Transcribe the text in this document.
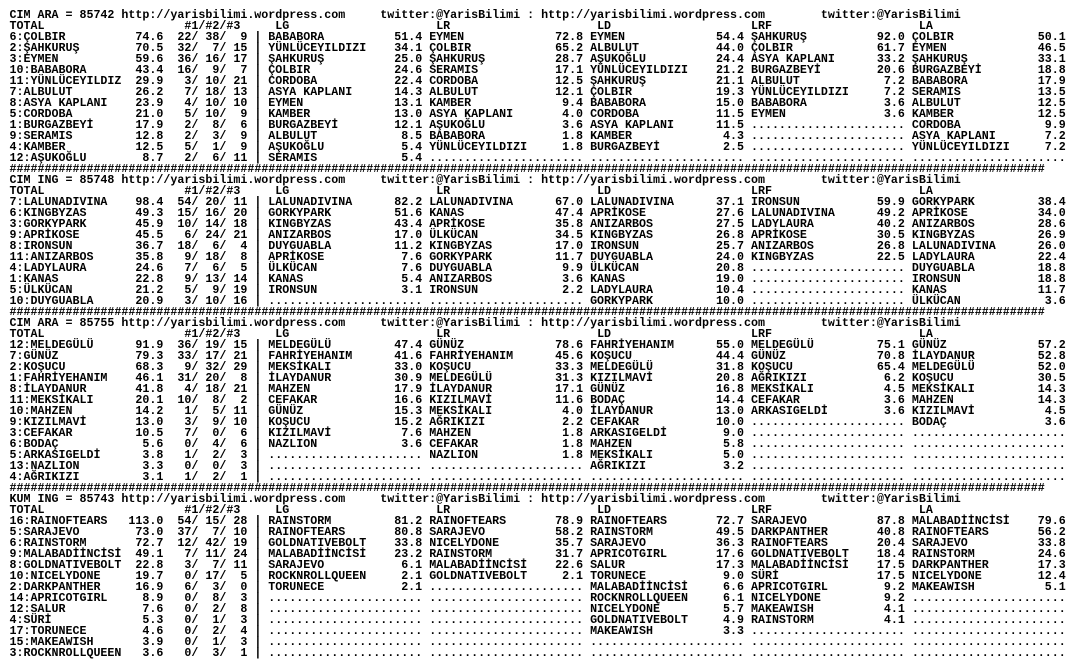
CIM ARA = 85742 http://yarisbilimi.wordpress.com	twitter:@YarisBilimi : http://yarisbilimi.wordpress.com	twitter:@YarisBilimi
TOTAL	#1/#2/#3	LG	LR	LD	LRF	LA
6:ÇOLBIR	74.6 22 / 38 /	9 | BABABORA	51.4 EYMEN	72.8 EYMEN	54.4 ŞAHKURUŞ	92.0 ÇOLBIR	50.1
2:ŞAHKURUŞ	70.5 32 /	7 / 15 | YÜNLÜCEYILDIZI	34.1 ÇOLBIR	65.2 ALBULUT	44.0 ÇOLBIR	61.7 EYMEN	46.5
3:EYMEN	59.6 36 / 16 / 17 | ŞAHKURUŞ	25.0 ŞAHKURUŞ	28.7 AŞUKOĞLU	24.4 ASYA KAPLANI	33.2 ŞAHKURUŞ	33.1
10:BABABORA	43.4 16 /	9 /	7 | ÇOLBIR	24.6 SERAMIS	17.1 YÜNLÜCEYILDIZI	21.2 BURGAZBEYİ	20.6 BURGAZBEYİ	18.8
11:YÜNLÜCEYILDIZ	29.9	3 / 10 / 21 | CORDOBA	22.4 CORDOBA	12.5 ŞAHKURUŞ	21.1 ALBULUT	7.2 BABABORA	17.9
7:ALBULUT	26.2	7 / 18 / 13 | ASYA KAPLANI	14.3 ALBULUT	12.1 ÇOLBIR	19.3 YÜNLÜCEYILDIZI	7.2 SERAMIS	13.5
8:ASYA KAPLANI	23.9	4 / 10 / 10 | EYMEN	13.1 KAMBER	9.4 BABABORA	15.0 BABABORA	3.6 ALBULUT	12.5
5:CORDOBA	21.0	5 / 10 /	9 | KAMBER	13.0 ASYA KAPLANI	4.0 CORDOBA	11.5 EYMEN	3.6 KAMBER	12.5
1:BURGAZBEYİ	17.9	2 /	8 /	6 | BURGAZBEYİ	12.1 AŞUKOĞLU	3.6 ASYA KAPLANI	11.5 ...................... CORDOBA	9.9
9:SERAMIS	12.8	2 /	3 /	9 | ALBULUT	8.5 BABABORA	1.8 KAMBER	4.3 ...................... ASYA KAPLANI	7.2
4:KAMBER	12.5	5 /	1 /	9 | AŞUKOĞLU	5.4 YÜNLÜCEYILDIZI	1.8 BURGAZBEYİ	2.5 ...................... YÜNLÜCEYILDIZI	7.2
12:AŞUKOĞLU	8.7	2 /	6 / 11 | SERAMIS	5.4 ...................... ...................... ...................... ......................
####################################################################################################################################################
CIM ING = 85748 http://yarisbilimi.wordpress.com	twitter:@YarisBilimi : http://yarisbilimi.wordpress.com	twitter:@YarisBilimi
TOTAL	#1/#2/#3	LG	LR	LD	LRF	LA
7:LALUNADIVINA	98.4 54 / 20 / 11 | LALUNADIVINA	82.2 LALUNADIVINA	67.0 LALUNADIVINA	37.1 IRONSUN	59.9 GORKYPARK	38.4
6:KINGBYZAS	49.3 15 / 16 / 20 | GORKYPARK	51.6 KANAS	47.4 APRİKOSE	27.6 LALUNADIVINA	49.2 APRİKOSE	34.0
3:GORKYPARK	45.9 10 / 14 / 18 | KINGBYZAS	43.4 APRİKOSE	35.8 ANIZARBOS	27.5 LADYLAURA	40.2 ANIZARBOS	28.6
9:APRİKOSE	45.5	6 / 24 / 21 | ANIZARBOS	17.0 ÜLKÜCAN	34.5 KINGBYZAS	26.8 APRİKOSE	30.5 KINGBYZAS	26.9
8:IRONSUN	36.7 18 /	6 /	4 | DUYGUABLA	11.2 KINGBYZAS	17.0 IRONSUN	25.7 ANIZARBOS	26.8 LALUNADIVINA	26.0
11:ANIZARBOS	35.8	9 / 18 /	8 | APRİKOSE	7.6 GORKYPARK	11.7 DUYGUABLA	24.0 KINGBYZAS	22.5 LADYLAURA	22.4
4:LADYLAURA	24.6	7 /	6 /	5 | ÜLKÜCAN	7.6 DUYGUABLA	9.9 ÜLKÜCAN	20.8 ...................... DUYGUABLA	18.8
1:KANAS	22.8	9 / 13 / 14 | KANAS	5.4 ANIZARBOS	3.6 KANAS	19.0 ...................... IRONSUN	18.8
5:ÜLKÜCAN	21.2	5 /	9 / 19 | IRONSUN	3.1 IRONSUN	2.2 LADYLAURA	10.4 ...................... KANAS	11.7
10:DUYGUABLA	20.9	3 / 10 / 16 | ...................... ...................... GORKYPARK	10.0 ...................... ÜLKÜCAN	3.6
####################################################################################################################################################
CIM ARA = 85755 http://yarisbilimi.wordpress.com	twitter:@YarisBilimi : http://yarisbilimi.wordpress.com	twitter:@YarisBilimi
TOTAL	#1/#2/#3	LG	LR	LD	LRF	LA
12:MELDEGÜLÜ	91.9 36 / 19 / 15 | MELDEGÜLÜ	47.4 GÜNÜZ	78.6 FAHRİYEHANIM	55.0 MELDEGÜLÜ	75.1 GÜNÜZ	57.2
7:GÜNÜZ	79.3 33 / 17 / 21 | FAHRİYEHANIM	41.6 FAHRİYEHANIM	45.6 KOŞUCU	44.4 GÜNÜZ	70.8 İLAYDANUR	52.8
2:KOŞUCU	68.3	9 / 32 / 29 | MEKSİKALI	33.0 KOŞUCU	33.3 MELDEGÜLÜ	31.8 KOŞUCU	65.4 MELDEGÜLÜ	52.0
1:FAHRİYEHANIM	46.1 31 / 20 /	8 | İLAYDANUR	30.9 MELDEGÜLÜ	31.3 KIZILMAVİ	20.8 AĞRIKIZI	6.2 KOŞUCU	30.5
8:İLAYDANUR	41.8	4 / 18 / 21 | MAHZEN	17.9 İLAYDANUR	17.1 GÜNÜZ	16.8 MEKSİKALI	4.5 MEKSİKALI	14.3
11:MEKSİKALI	20.1 10 /	8 /	2 | CEFAKAR	16.6 KIZILMAVİ	11.6 BODAÇ	14.4 CEFAKAR	3.6 MAHZEN	14.3
10:MAHZEN	14.2	1 /	5 / 11 | GÜNÜZ	15.3 MEKSİKALI	4.0 İLAYDANUR	13.0 ARKASIGELDİ	3.6 KIZILMAVİ	4.5
9:KIZILMAVİ	13.0	3 /	9 / 10 | KOŞUCU	15.2 AĞRIKIZI	2.2 CEFAKAR	10.0 ...................... BODAÇ	3.6
3:CEFAKAR	10.5	7 /	0 /	6 | KIZILMAVİ	7.6 MAHZEN	1.8 ARKASIGELDİ	9.0 ...................... ......................
6:BODAÇ	5.6	0 /	4 /	6 | NAZLION	3.6 CEFAKAR	1.8 MAHZEN	5.8 ...................... ......................
5:ARKASIGELDİ	3.8	1 /	2 /	3 | ...................... NAZLION	1.8 MEKSİKALI	5.0 ...................... ......................
13:NAZLION	3.3	0 /	0 /	3 | ...................... ...................... AĞRIKIZI	3.2 ...................... ......................
4:AĞRIKIZI	3.1	1 /	2 /	1 | ...................... ...................... ...................... ...................... ......................
####################################################################################################################################################
KUM ING = 85743 http://yarisbilimi.wordpress.com	twitter:@YarisBilimi : http://yarisbilimi.wordpress.com	twitter:@YarisBilimi
TOTAL	#1/#2/#3	LG	LR	LD	LRF	LA
16:RAINOFTEARS	113.0 54 / 15 / 28 | RAINSTORM	81.2 RAINOFTEARS	78.9 RAINOFTEARS	72.7 SARAJEVO	87.8 MALABADİİNCİSİ	79.6
5:SARAJEVO	73.0 37 /	7 / 10 | RAINOFTEARS	80.8 SARAJEVO	58.2 RAINSTORM	49.5 DARKPANTHER	40.8 RAINOFTEARS	56.2
6:RAINSTORM	72.7 12 / 42 / 19 | GOLDNATIVEBOLT	33.8 NICELYDONE	35.7 SARAJEVO	36.3 RAINOFTEARS	20.4 SARAJEVO	33.8
9:MALABADİİNCİSİ	49.1	7 / 11 / 24 | MALABADİİNCİSİ	23.2 RAINSTORM	31.7 APRICOTGIRL	17.6 GOLDNATIVEBOLT	18.4 RAINSTORM	24.6
8:GOLDNATIVEBOLT	22.8	3 /	7 / 11 | SARAJEVO	6.1 MALABADİİNCİSİ	22.6 SALUR	17.3 MALABADİİNCİSİ	17.5 DARKPANTHER	17.3
10:NICELYDONE	19.7	0 / 17 /	5 | ROCKNROLLQUEEN	2.1 GOLDNATIVEBOLT	2.1 TORUNECE	9.0 SÜRİ	17.5 NICELYDONE	12.4
2:DARKPANTHER	16.9	6 /	3 /	0 | TORUNECE	2.1 ...................... MALABADİİNCİSİ	6.6 APRICOTGIRL	9.2 MAKEAWISH	5.1
14:APRICOTGIRL	8.9	0 /	8 /	3 | ...................... ...................... ROCKNROLLQUEEN	6.1 NICELYDONE	9.2 ......................
12:SALUR	7.6	0 /	2 /	8 | ...................... ...................... NICELYDONE	5.7 MAKEAWISH	4.1 ......................
4:SÜRİ	5.3	0 /	1 /	3 | ...................... ...................... GOLDNATIVEBOLT	4.9 RAINSTORM	4.1 ......................
17:TORUNECE	4.6	0 /	2 /	4 | ...................... ...................... MAKEAWISH	3.3 ...................... ......................
15:MAKEAWISH	3.9	0 /	1 /	3 | ...................... ...................... ...................... ...................... ......................
3:ROCKNROLLQUEEN	3.6	0 /	3 /	1 | ...................... ...................... ...................... ...................... ......................
